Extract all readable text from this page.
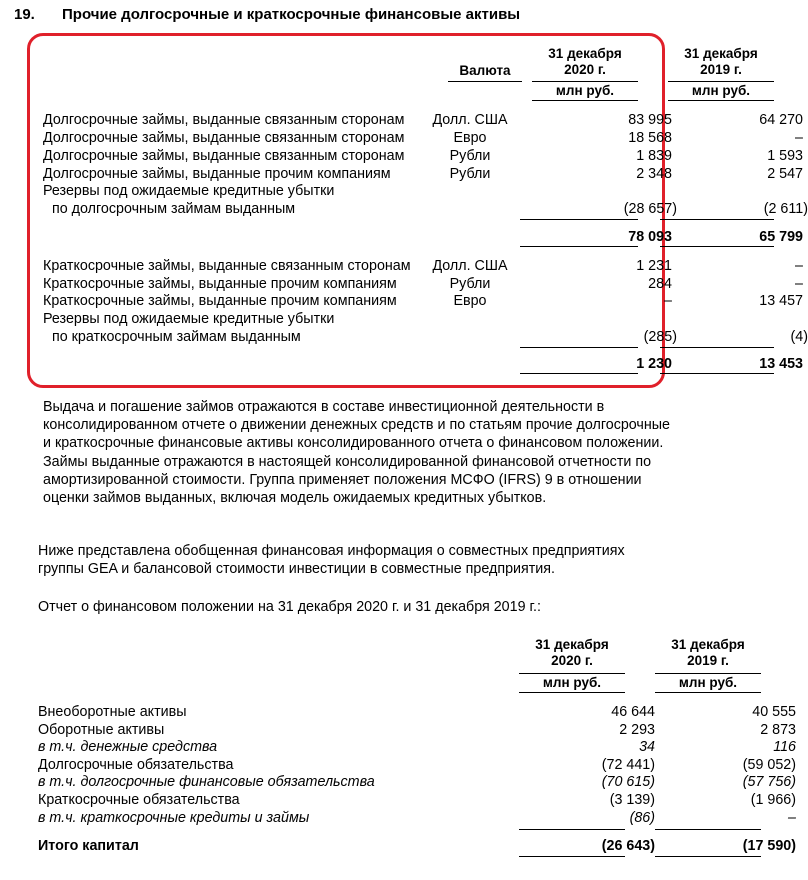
19. Прочие долгосрочные и краткосрочные финансовые активы
Валюта
31 декабря
2020 г.
31 декабря
2019 г.
млн руб.	млн руб.
Долгосрочные займы, выданные связанным сторонам	Долл. США	83 995	64 270
Долгосрочные займы, выданные связанным сторонам	Евро	18 568	–
Долгосрочные займы, выданные связанным сторонам	Рубли	1 839	1 593
Долгосрочные займы, выданные прочим компаниям	Рубли	2 348	2 547
Резервы под ожидаемые кредитные убытки
по долгосрочным займам выданным	(28 657)	(2 611)
78 093	65 799
Краткосрочные займы, выданные связанным сторонам	Долл. США	1 231	–
Краткосрочные займы, выданные прочим компаниям	Рубли	284	–
Краткосрочные займы, выданные прочим компаниям	Евро	–	13 457
Резервы под ожидаемые кредитные убытки
по краткосрочным займам выданным	(285)	(4)
1 230	13 453

Выдача и погашение займов отражаются в составе инвестиционной деятельности в

консолидированном отчете о движении денежных средств и по статьям прочие долгосрочные

и краткосрочные финансовые активы консолидированного отчета о финансовом положении.

Займы выданные отражаются в настоящей консолидированной финансовой отчетности по

амортизированной стоимости. Группа применяет положения МСФО (IFRS) 9 в отношении

оценки займов выданных, включая модель ожидаемых кредитных убытков.

Ниже представлена обобщенная финансовая информация о совместных предприятиях

группы GEA и балансовой стоимости инвестиции в совместные предприятия.

Отчет о финансовом положении на 31 декабря 2020 г. и 31 декабря 2019 г.:
31 декабря
2020 г.
31 декабря
2019 г.
млн руб.	млн руб.
Внеоборотные активы	46 644	40 555
Оборотные активы	2 293	2 873
в т.ч. денежные средства	34	116
Долгосрочные обязательства	(72 441)	(59 052)
в т.ч. долгосрочные финансовые обязательства	(70 615)	(57 756)
Краткосрочные обязательства	(3 139)	(1 966)
в т.ч. краткосрочные кредиты и займы	(86)	–
Итого капитал	(26 643)	(17 590)
